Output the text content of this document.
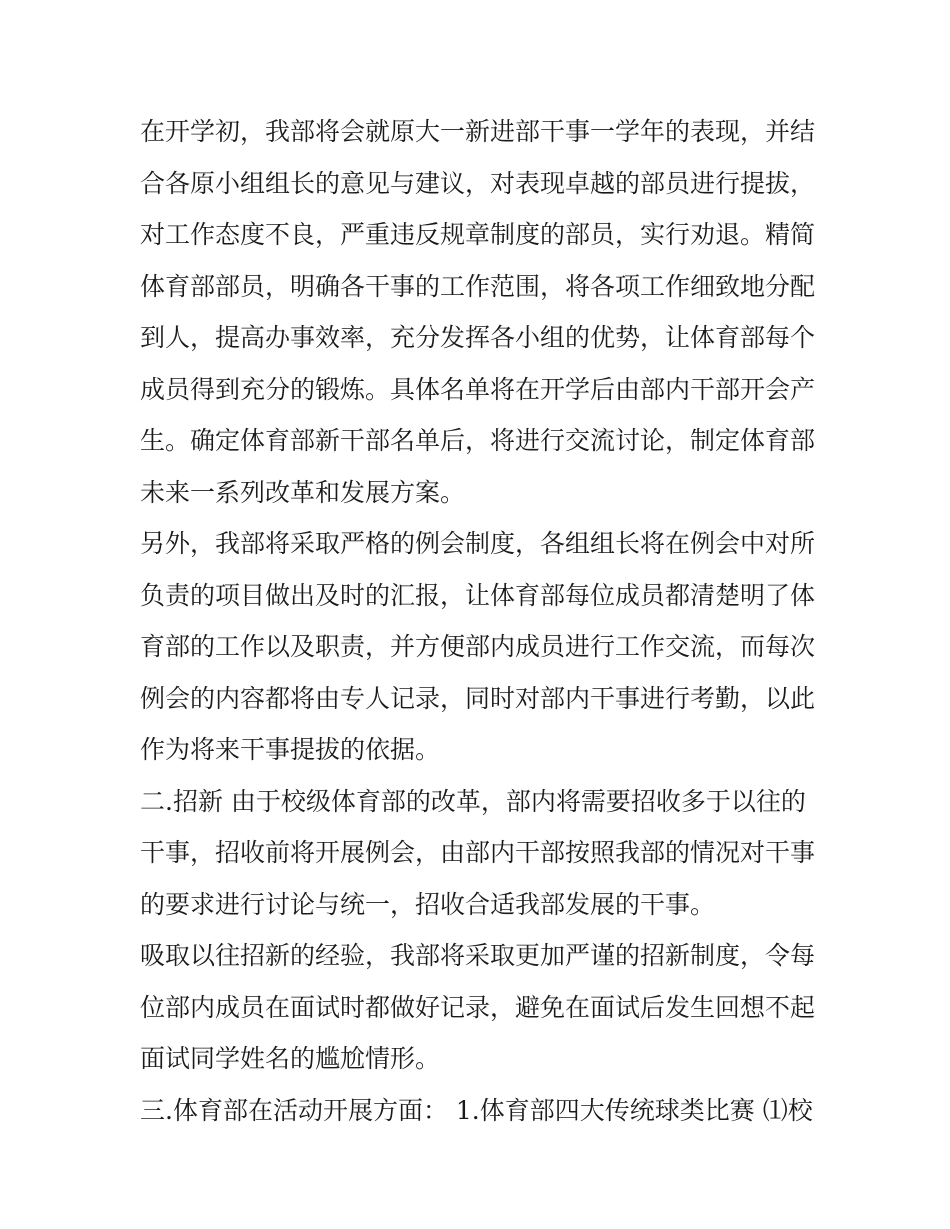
在开学初，我部将会就原大一新进部干事一学年的表现，并结
合各原小组组长的意见与建议，对表现卓越的部员进行提拔，
对工作态度不良，严重违反规章制度的部员，实行劝退。精简
体育部部员，明确各干事的工作范围，将各项工作细致地分配
到人，提高办事效率，充分发挥各小组的优势，让体育部每个
成员得到充分的锻炼。具体名单将在开学后由部内干部开会产
生。确定体育部新干部名单后，将进行交流讨论，制定体育部
未来一系列改革和发展方案。
另外，我部将采取严格的例会制度，各组组长将在例会中对所
负责的项目做出及时的汇报，让体育部每位成员都清楚明了体
育部的工作以及职责，并方便部内成员进行工作交流，而每次
例会的内容都将由专人记录，同时对部内干事进行考勤，以此
作为将来干事提拔的依据。
二.招新 由于校级体育部的改革，部内将需要招收多于以往的
干事，招收前将开展例会，由部内干部按照我部的情况对干事
的要求进行讨论与统一，招收合适我部发展的干事。
吸取以往招新的经验，我部将采取更加严谨的招新制度，令每
位部内成员在面试时都做好记录，避免在面试后发生回想不起
面试同学姓名的尴尬情形。
三.体育部在活动开展方面： 1.体育部四大传统球类比赛 ⑴校
